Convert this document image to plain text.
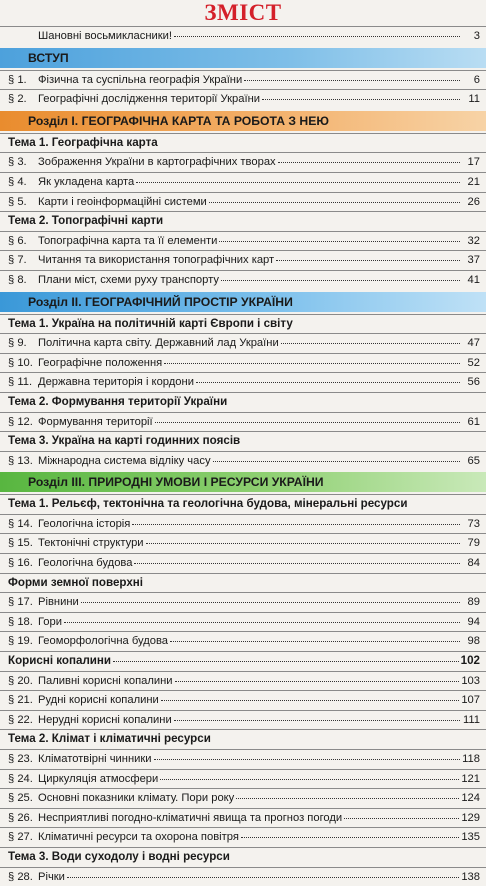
ЗМІСТ
Шановні восьмикласники!	3
ВСТУП
§ 1.	Фізична та суспільна географія України	6
§ 2.	Географічні дослідження території України	11
Розділ І. ГЕОГРАФІЧНА КАРТА ТА РОБОТА З НЕЮ
Тема 1. Географічна карта
§ 3.	Зображення України в картографічних творах	17
§ 4.	Як укладена карта	21
§ 5.	Карти і геоінформаційні системи	26
Тема 2. Топографічні карти
§ 6.	Топографічна карта та її елементи	32
§ 7.	Читання та використання топографічних карт	37
§ 8.	Плани міст, схеми руху транспорту	41
Розділ ІІ. ГЕОГРАФІЧНИЙ ПРОСТІР УКРАЇНИ
Тема 1. Україна на політичній карті Європи і світу
§ 9.	Політична карта світу. Державний лад України	47
§ 10. Географічне положення	52
§ 11. Державна територія і кордони	56
Тема 2. Формування території України
§ 12. Формування території	61
Тема 3. Україна на карті годинних поясів
§ 13. Міжнародна система відліку часу	65
Розділ ІІІ. ПРИРОДНІ УМОВИ І РЕСУРСИ УКРАЇНИ
Тема 1. Рельєф, тектонічна та геологічна будова, мінеральні ресурси
§ 14. Геологічна історія	73
§ 15. Тектонічні структури	79
§ 16. Геологічна будова	84
Форми земної поверхні
§ 17. Рівнини	89
§ 18. Гори	94
§ 19. Геоморфологічна будова	98
Корисні копалини	102
§ 20. Паливні корисні копалини	103
§ 21. Рудні корисні копалини	107
§ 22. Нерудні корисні копалини	111
Тема 2. Клімат і кліматичні ресурси
§ 23. Кліматотвірні чинники	118
§ 24. Циркуляція атмосфери	121
§ 25. Основні показники клімату. Пори року	124
§ 26. Несприятливі погодно-кліматичні явища та прогноз погоди	129
§ 27. Кліматичні ресурси та охорона повітря	135
Тема 3. Води суходолу і водні ресурси
§ 28. Річки	138
